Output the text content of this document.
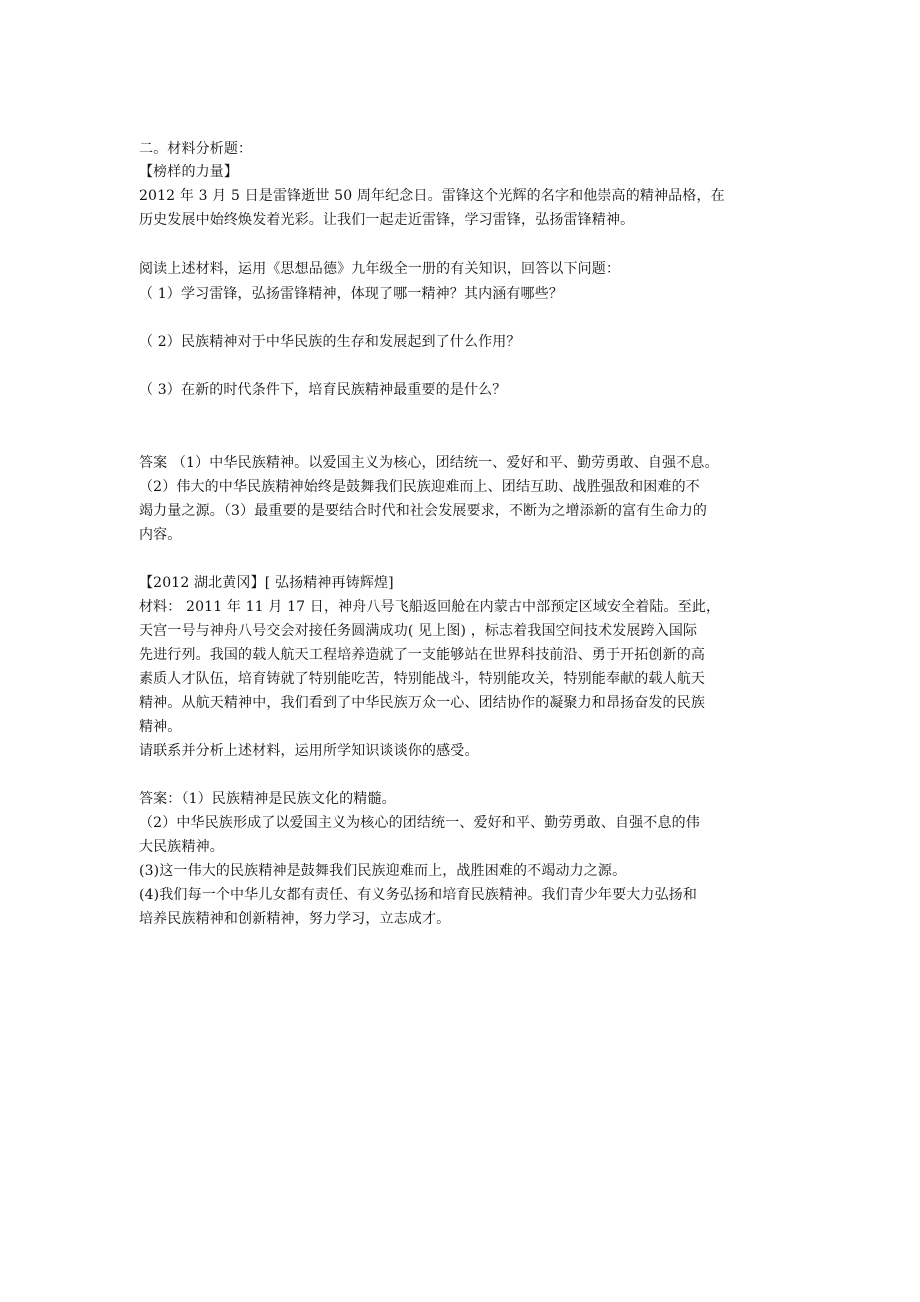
二。材料分析题：
【榜样的力量】
2012 年 3 月 5 日是雷锋逝世 50 周年纪念日。雷锋这个光辉的名字和他崇高的精神品格，在
历史发展中始终焕发着光彩。让我们一起走近雷锋，学习雷锋，弘扬雷锋精神。
阅读上述材料，运用《思想品德》九年级全一册的有关知识，回答以下问题：
（ 1）学习雷锋，弘扬雷锋精神，体现了哪一精神？其内涵有哪些？
（ 2）民族精神对于中华民族的生存和发展起到了什么作用？
（ 3）在新的时代条件下，培育民族精神最重要的是什么？
答案 （1）中华民族精神。以爱国主义为核心，团结统一、爱好和平、勤劳勇敢、自强不息。
（2）伟大的中华民族精神始终是鼓舞我们民族迎难而上、团结互助、战胜强敌和困难的不
竭力量之源。（3）最重要的是要结合时代和社会发展要求，不断为之增添新的富有生命力的
内容。
【2012 湖北黄冈】[ 弘扬精神再铸辉煌]
材料： 2011 年 11 月 17 日，神舟八号飞船返回舱在内蒙古中部预定区域安全着陆。至此，
天宫一号与神舟八号交会对接任务圆满成功( 见上图) ，标志着我国空间技术发展跨入国际
先进行列。我国的载人航天工程培养造就了一支能够站在世界科技前沿、勇于开拓创新的高
素质人才队伍，培育铸就了特别能吃苦，特别能战斗，特别能攻关，特别能奉献的载人航天
精神。从航天精神中，我们看到了中华民族万众一心、团结协作的凝聚力和昂扬奋发的民族
精神。
请联系并分析上述材料，运用所学知识谈谈你的感受。
答案：（1）民族精神是民族文化的精髓。
（2）中华民族形成了以爱国主义为核心的团结统一、爱好和平、勤劳勇敢、自强不息的伟
大民族精神。
(3)这一伟大的民族精神是鼓舞我们民族迎难而上，战胜困难的不竭动力之源。
(4)我们每一个中华儿女都有责任、有义务弘扬和培育民族精神。我们青少年要大力弘扬和
培养民族精神和创新精神，努力学习，立志成才。
